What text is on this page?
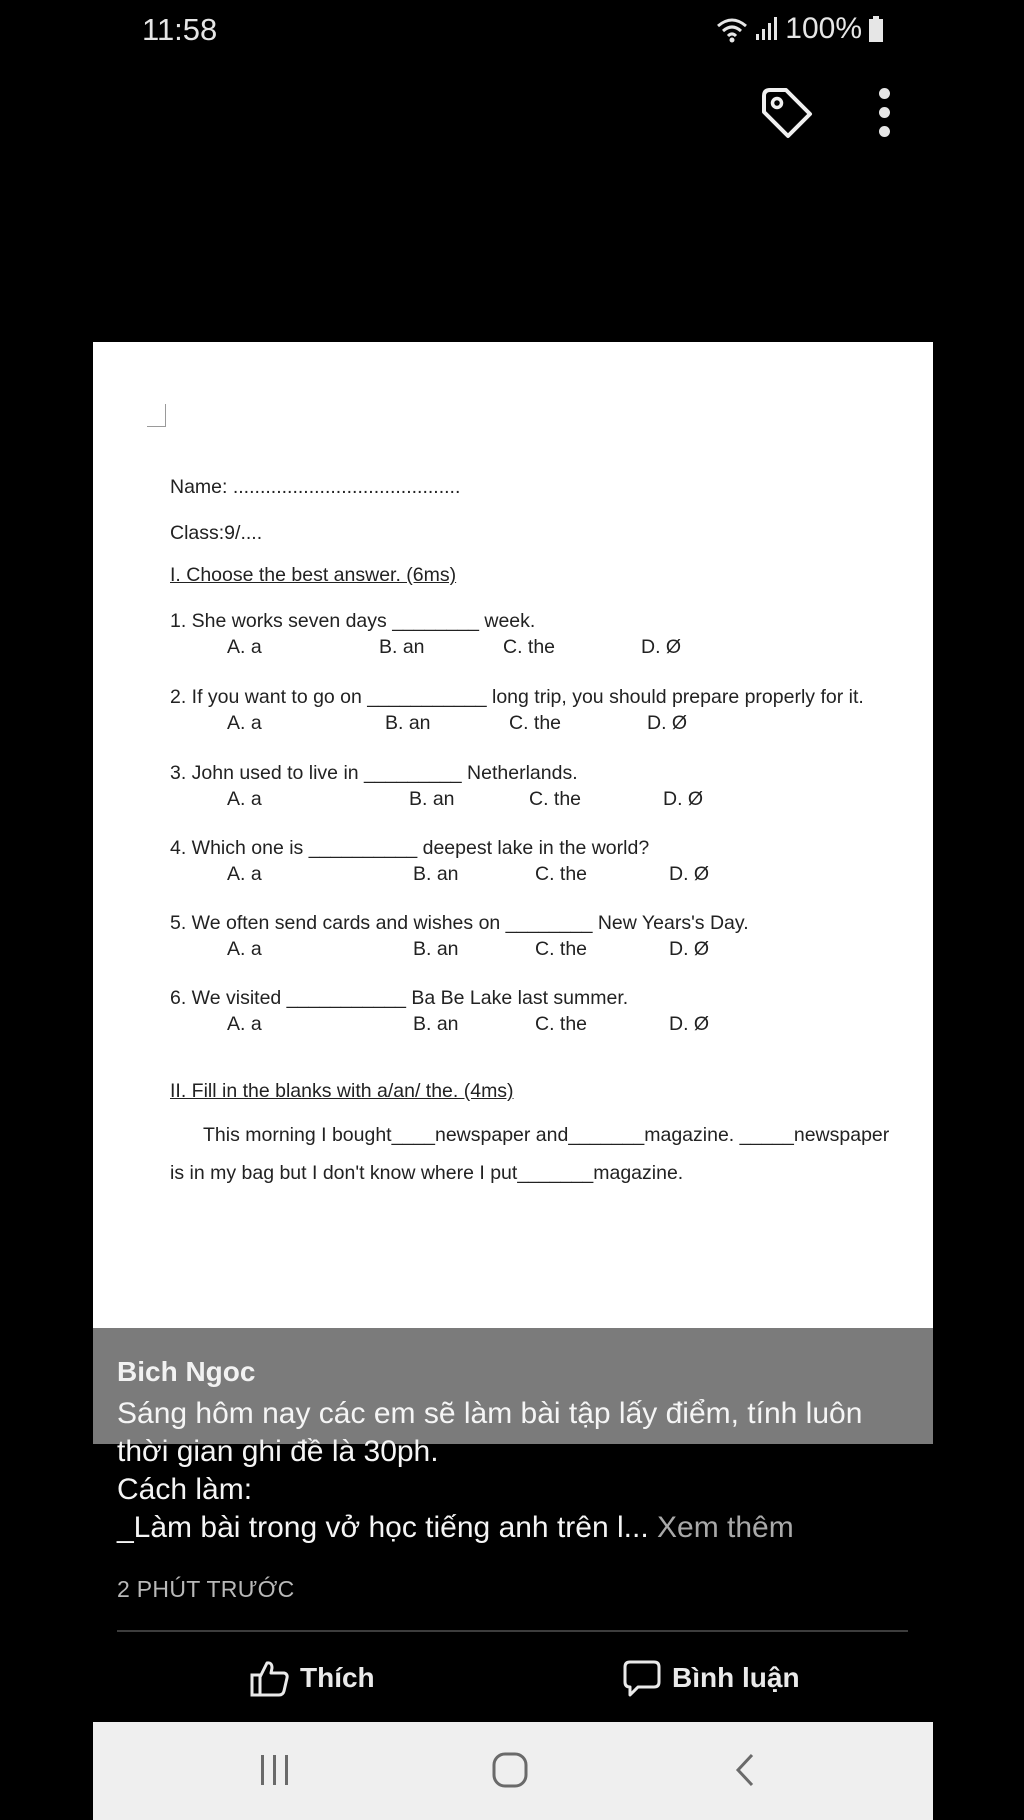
11:58	100%
Name: ..........................................
Class:9/....
I. Choose the best answer. (6ms)
1. She works seven days ________ week.
A. a	B. an	C. the	D. Ø
2. If you want to go on ___________ long trip, you should prepare properly for it.
A. a	B. an	C. the	D. Ø
3. John used to live in _________ Netherlands.
A. a	B. an	C. the	D. Ø
4. Which one is __________ deepest lake in the world?
A. a	B. an	C. the	D. Ø
5. We often send cards and wishes on ________ New Years's Day.
A. a	B. an	C. the	D. Ø
6. We visited ___________ Ba Be Lake last summer.
A. a	B. an	C. the	D. Ø
II. Fill in the blanks with a/an/ the. (4ms)
This morning I bought____newspaper and_______magazine. _____newspaper
is in my bag but I don't know where I put_______magazine.
Bich Ngoc
Sáng hôm nay các em sẽ làm bài tập lấy điểm, tính luôn
thời gian ghi đề là 30ph.
Cách làm:
_Làm bài trong vở học tiếng anh trên l... Xem thêm
2 PHÚT TRƯỚC
Thích	Bình luận
